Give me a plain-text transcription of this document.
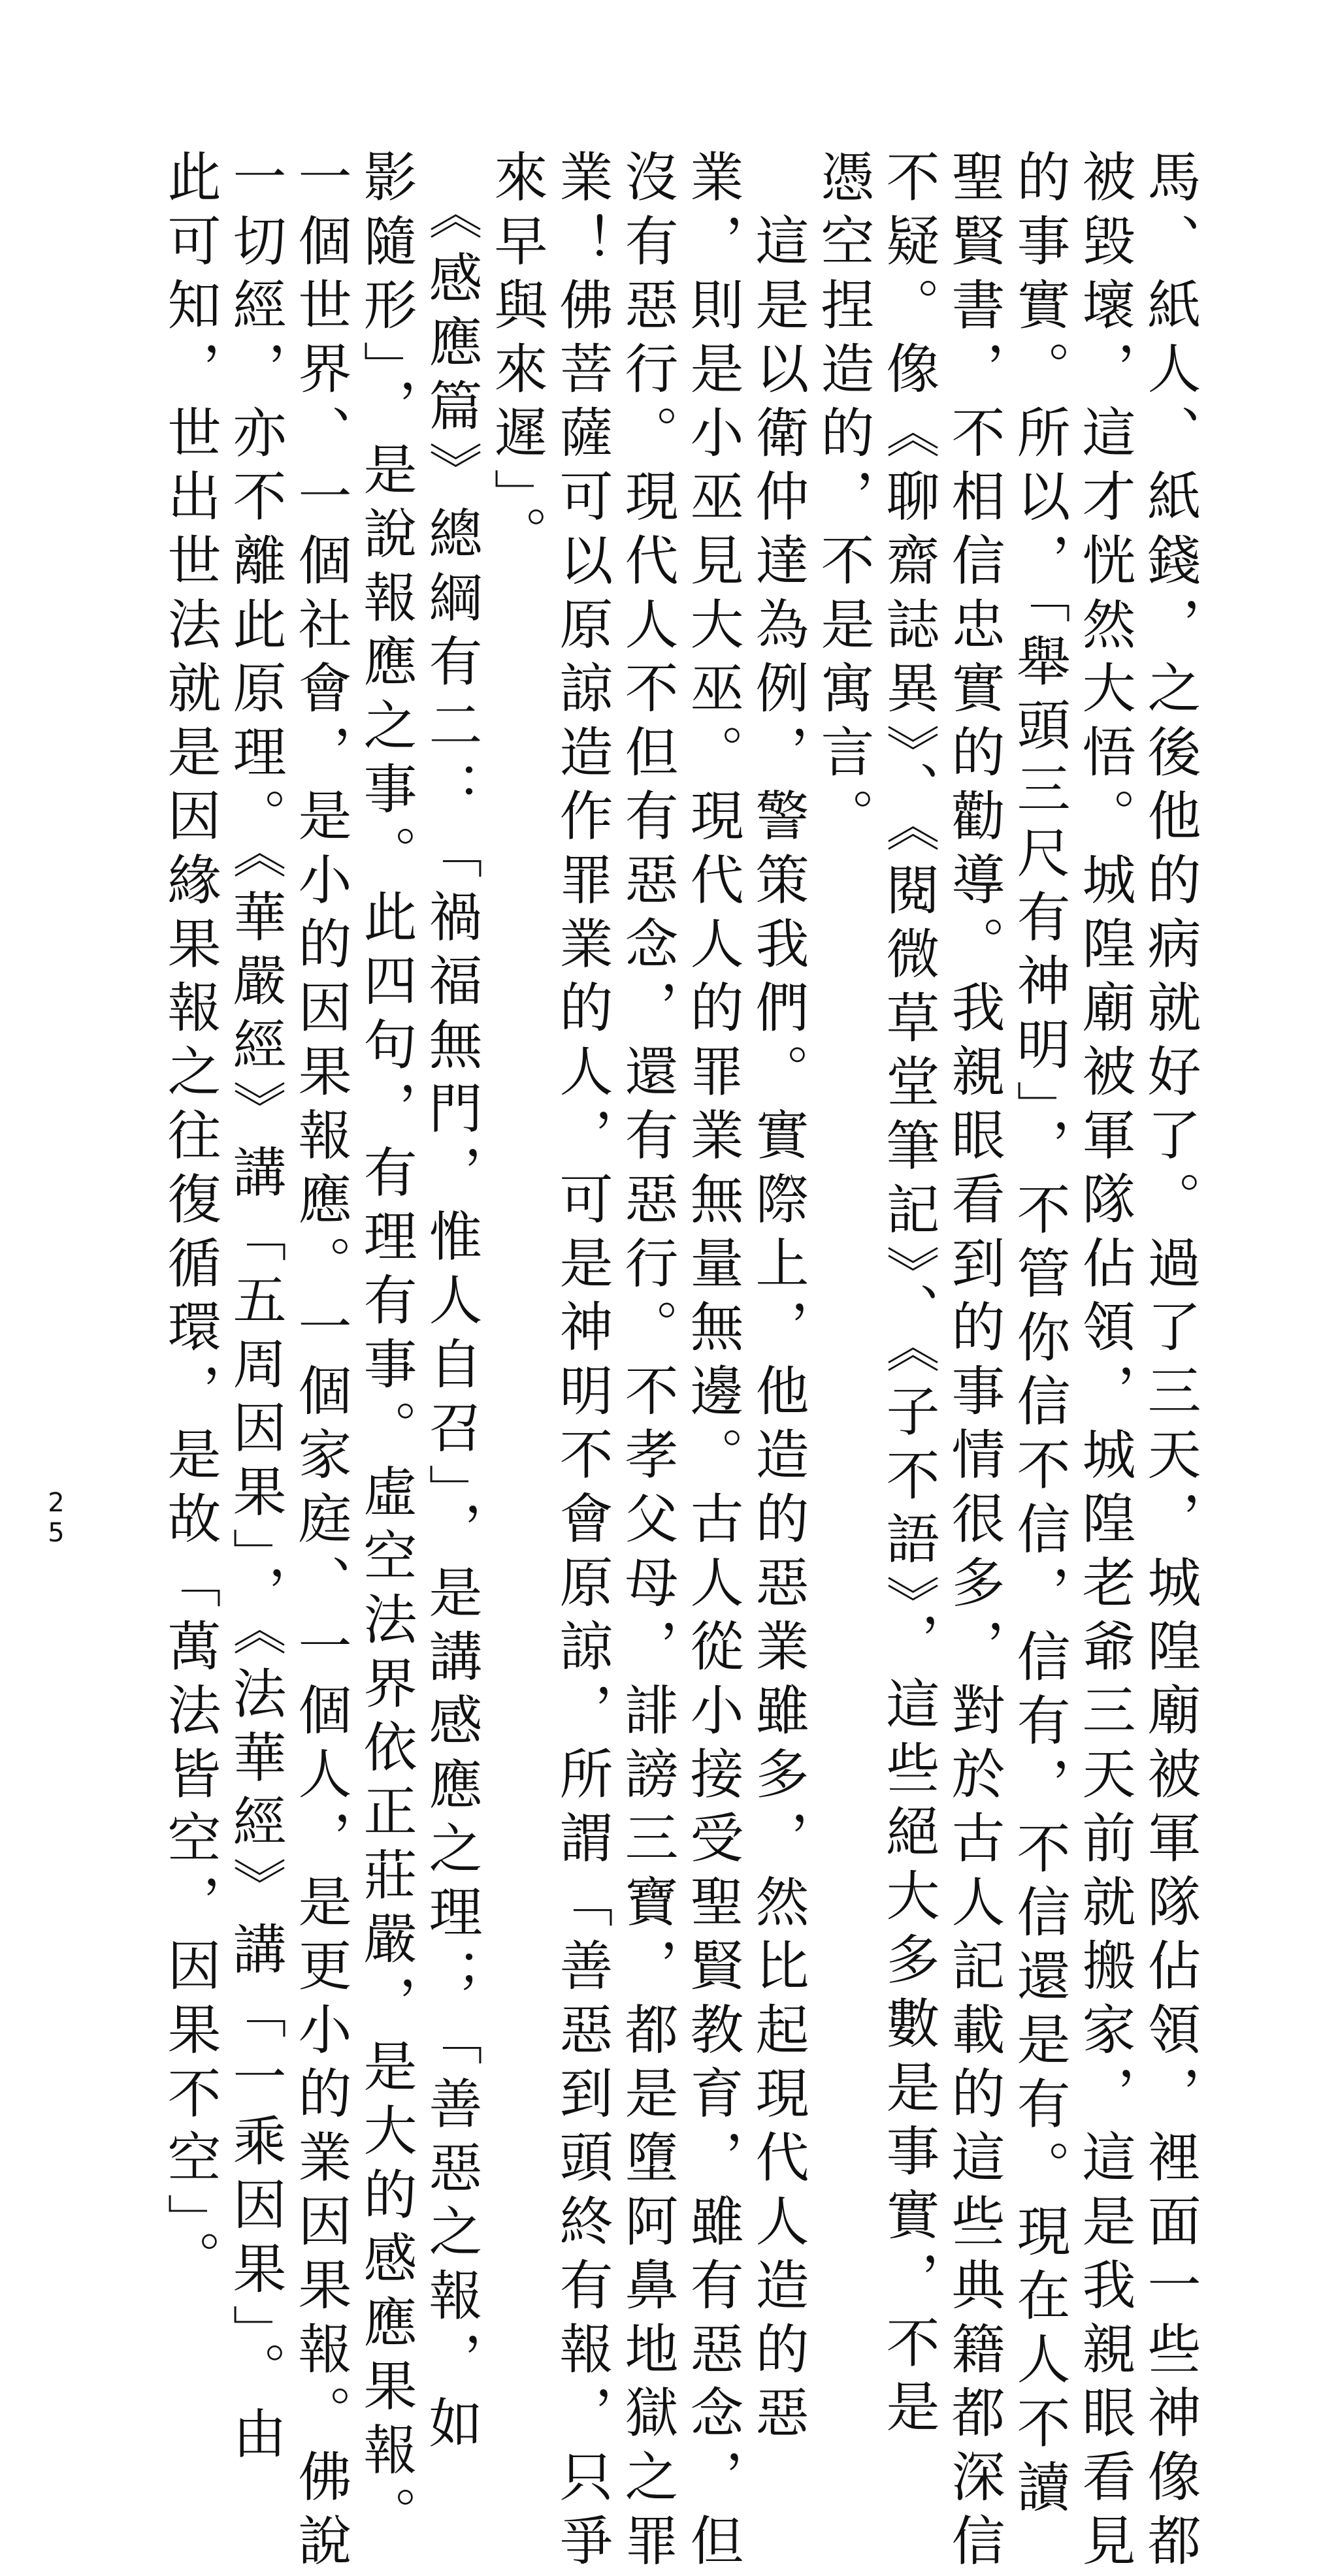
馬、紙人、紙錢，之後他的病就好了。過了三天，城隍廟被軍隊佔領，裡面一些神像都
被毀壞，這才恍然大悟。城隍廟被軍隊佔領，城隍老爺三天前就搬家，這是我親眼看見
的事實。所以，「舉頭三尺有神明」，不管你信不信，信有，不信還是有。現在人不讀
聖賢書，不相信忠實的勸導。我親眼看到的事情很多，對於古人記載的這些典籍都深信
不疑。像《聊齋誌異》、《閱微草堂筆記》、《子不語》，這些絕大多數是事實，不是
憑空捏造的，不是寓言。
　這是以衛仲達為例，警策我們。實際上，他造的惡業雖多，然比起現代人造的惡
業，則是小巫見大巫。現代人的罪業無量無邊。古人從小接受聖賢教育，雖有惡念，但
沒有惡行。現代人不但有惡念，還有惡行。不孝父母，誹謗三寶，都是墮阿鼻地獄之罪
業！佛菩薩可以原諒造作罪業的人，可是神明不會原諒，所謂「善惡到頭終有報，只爭
來早與來遲」。
　《感應篇》總綱有二：「禍福無門，惟人自召」，是講感應之理；「善惡之報，如
影隨形」，是說報應之事。此四句，有理有事。虛空法界依正莊嚴，是大的感應果報。
一個世界、一個社會，是小的因果報應。一個家庭、一個人，是更小的業因果報。佛說
一切經，亦不離此原理。《華嚴經》講「五周因果」，《法華經》講「一乘因果」。由
此可知，世出世法就是因緣果報之往復循環，是故「萬法皆空，因果不空」。
25
